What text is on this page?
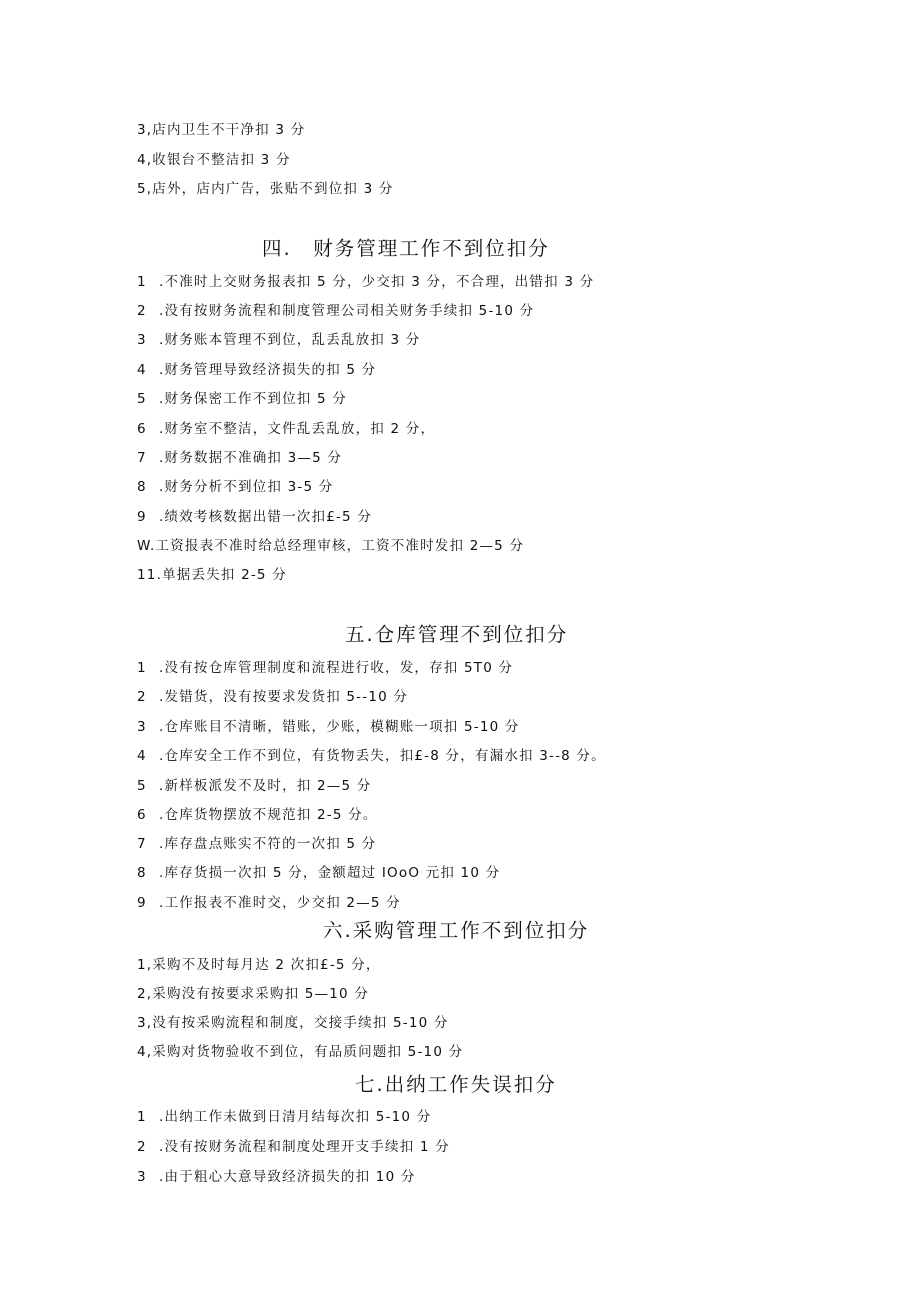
3,店内卫生不干净扣 3 分
4,收银台不整洁扣 3 分
5,店外，店内广告，张贴不到位扣 3 分
四.　财务管理工作不到位扣分
1 .不准时上交财务报表扣 5 分，少交扣 3 分，不合理，出错扣 3 分
2 .没有按财务流程和制度管理公司相关财务手续扣 5-10 分
3 .财务账本管理不到位，乱丢乱放扣 3 分
4 .财务管理导致经济损失的扣 5 分
5 .财务保密工作不到位扣 5 分
6 .财务室不整洁，文件乱丢乱放，扣 2 分，
7 .财务数据不准确扣 3—5 分
8 .财务分析不到位扣 3-5 分
9 .绩效考核数据出错一次扣£-5 分
W.工资报表不准时给总经理审核，工资不准时发扣 2—5 分
11.单据丢失扣 2-5 分
五.仓库管理不到位扣分
1 .没有按仓库管理制度和流程进行收，发，存扣 5T0 分
2 .发错货，没有按要求发货扣 5--10 分
3 .仓库账目不清晰，错账，少账，模糊账一项扣 5-10 分
4 .仓库安全工作不到位，有货物丢失，扣£-8 分，有漏水扣 3--8 分。
5 .新样板派发不及时，扣 2—5 分
6 .仓库货物摆放不规范扣 2-5 分。
7 .库存盘点账实不符的一次扣 5 分
8 .库存货损一次扣 5 分，金额超过 IOoO 元扣 10 分
9 .工作报表不准时交，少交扣 2—5 分
六.采购管理工作不到位扣分
1,采购不及时每月达 2 次扣£-5 分，
2,采购没有按要求采购扣 5—10 分
3,没有按采购流程和制度，交接手续扣 5-10 分
4,采购对货物验收不到位，有品质问题扣 5-10 分
七.出纳工作失误扣分
1 .出纳工作未做到日清月结每次扣 5-10 分
2 .没有按财务流程和制度处理开支手续扣 1 分
3 .由于粗心大意导致经济损失的扣 10 分
